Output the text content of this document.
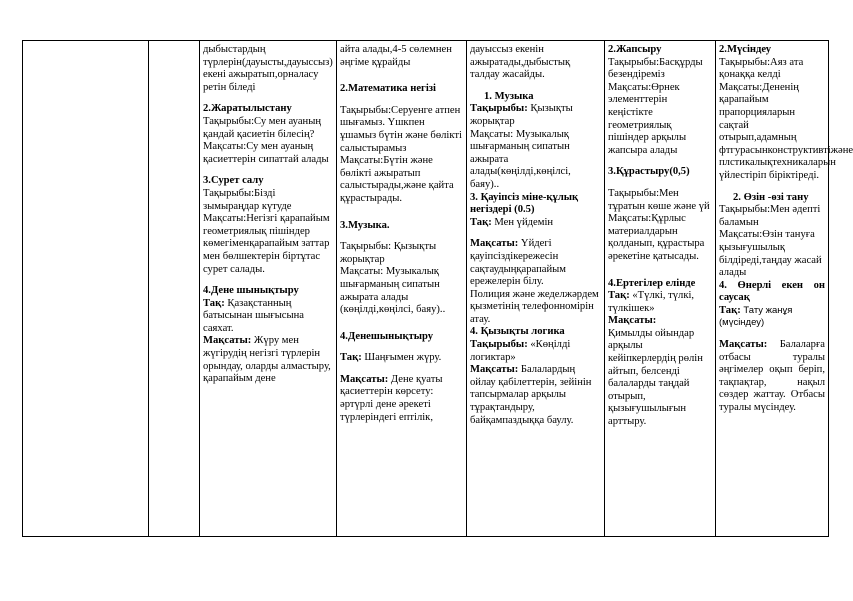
дыбыстардың түрлерін(дауысты,дауыссыз) екені ажыратып,орналасу ретін біледі

2.Жаратылыстану

Тақырыбы:Су мен ауаның қандай қасиетін білесің?

Мақсаты:Су мен ауаның қасиеттерін сипаттай алады

3.Сурет салу

Тақырыбы:Бізді зымыраңдар күтуде

Мақсаты:Негізгі қарапайым геометриялық пішіндер көмегіменқарапайым заттар мен бөлшектерін біртұтас сурет салады.

4.Дене шынықтыру

Тақ: Қазақстанның батысынан шығысына саяхат.

Мақсаты: Жүру мен жүгірудің негізгі түрлерін орындау, оларды алмастыру, қарапайым дене

айта алады,4-5 сөлемнен әңгіме құрайды

2.Математика негізі

Тақырыбы:Серуенге атпен шығамыз. Үшкпен ұшамыз бүтін және бөлікті салыстырамыз

Мақсаты:Бүтін және бөлікті ажыратып салыстырады,және қайта құрастырады.

3.Музыка.

Тақырыбы: Қызықты жорықтар

Мақсаты: Музыкалық шығарманың сипатын ажырата алады (көңілді,көңілсі, баяу)..

4.Денешынықтыру

Тақ: Шаңғымен жүру.

Мақсаты: Дене қуаты қасиеттерін көрсету: әртүрлі дене әрекеті түрлеріндегі ептілік,

дауыссыз екенін ажыратады,дыбыстық талдау жасайды.

1. Музыка

Тақырыбы: Қызықты жорықтар

Мақсаты: Музыкалық шығарманың сипатын ажырата алады(көңілді,көңілсі, баяу)..

3. Қауіпсіз міне-құлық негіздері (0.5)

Тақ: Мен үйдемін

Мақсаты: Үйдегі қауіпсіздікережесін сақтаудыңқарапайым ережелерін білу.

Полиция және жеделжәрдем қызметінің телефонномірін атау.

4. Қызықты логика

Тақырыбы: «Көңілді логиктар»

Мақсаты: Балалардың ойлау қабілеттерін, зейінін тапсырмалар арқылы тұрақтандыру, байқампаздыққа баулу.

2.Жапсыру

Тақырыбы:Басқұрды безендіреміз

Мақсаты:Өрнек элементтерін кеңістікте геометриялық пішіндер арқылы жапсыра алады

3.Құрастыру(0,5)

Тақырыбы:Мен тұратын көше және үй

Мақсаты:Құрлыс материалдарын қолданып, құрастыра әрекетіне қатысады.

4.Ертегілер елінде

Тақ: «Түлкі, түлкі, түлкішек»

Мақсаты:

Қимылды ойындар арқылы кейіпкерлердің рөлін айтып, белсенді балаларды таңдай отырып, қызығушылығын арттыру.

2.Мүсіндеу

Тақырыбы:Аяз ата қонаққа келді

Мақсаты:Дененің қарапайым прапорцияларын сақтай отырып,адамның фтгурасынконструктивтіжәне плстикалықтехникаларын үйлестіріп біріктіреді.

2. Өзін -өзі тану

Тақырыбы:Мен әдепті баламын

Мақсаты:Өзін тануға қызығушылық білдіреді,таңдау жасай алады

4. Өнерлі екен он саусақ

Тақ: Тату жанұя

(мүсіндеу)

Мақсаты: Балаларға отбасы туралы әңгімелер оқып беріп, тақпақтар, нақыл сөздер жаттау. Отбасы туралы мүсіндеу.
